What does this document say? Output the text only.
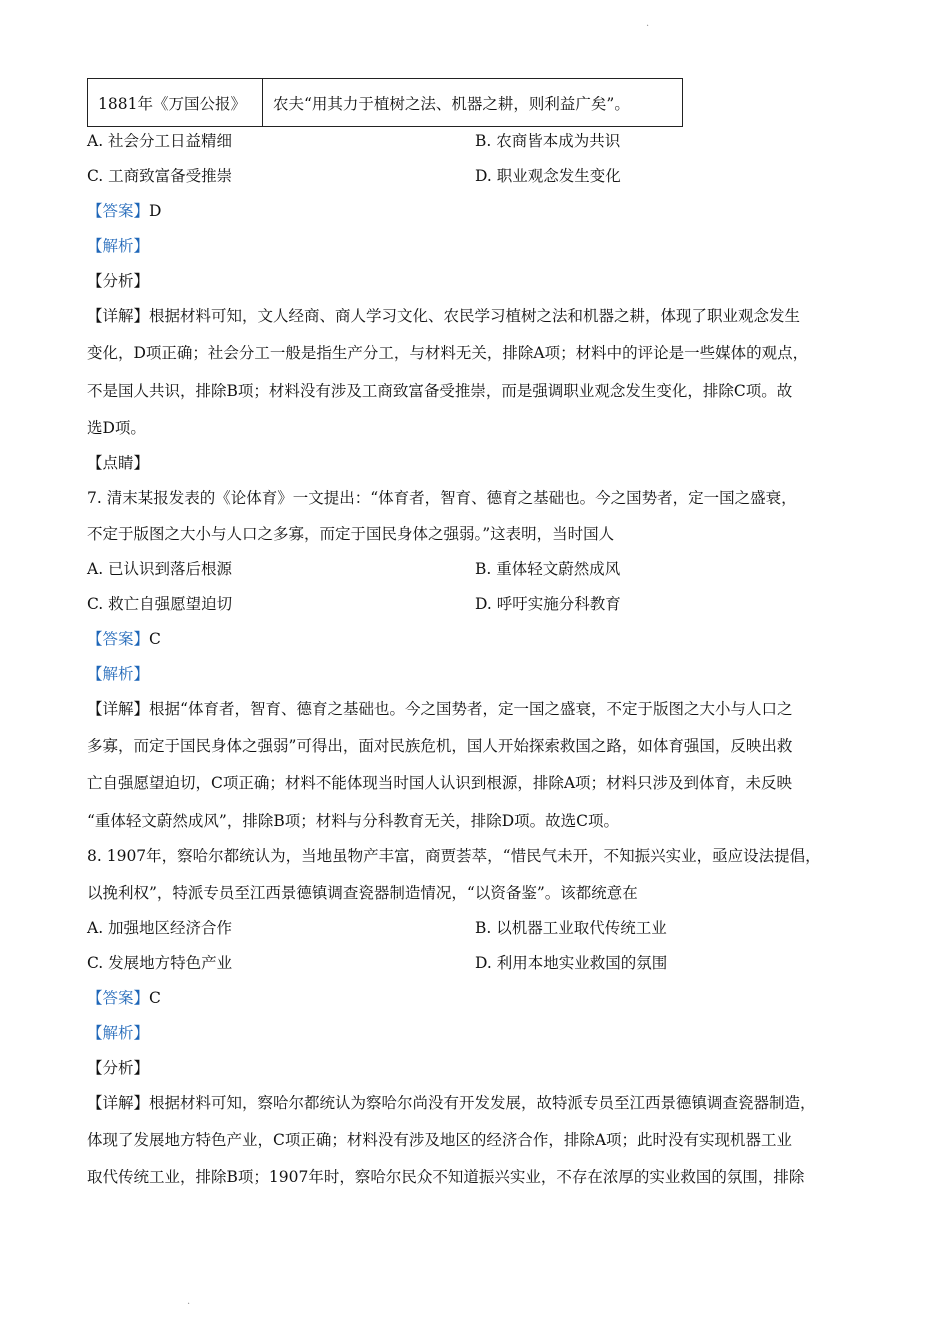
·
1881年《万国公报》	农夫“用其力于植树之法、机器之耕，则利益广矣”。
A. 社会分工日益精细	B. 农商皆本成为共识
C. 工商致富备受推崇	D. 职业观念发生变化
【答案】D
【解析】
【分析】
【详解】根据材料可知，文人经商、商人学习文化、农民学习植树之法和机器之耕，体现了职业观念发生
变化，D项正确；社会分工一般是指生产分工，与材料无关，排除A项；材料中的评论是一些媒体的观点，
不是国人共识，排除B项；材料没有涉及工商致富备受推崇，而是强调职业观念发生变化，排除C项。故
选D项。
【点睛】
7. 清末某报发表的《论体育》一文提出：“体育者，智育、德育之基础也。今之国势者，定一国之盛衰，
不定于版图之大小与人口之多寡，而定于国民身体之强弱。”这表明，当时国人
A. 已认识到落后根源	B. 重体轻文蔚然成风
C. 救亡自强愿望迫切	D. 呼吁实施分科教育
【答案】C
【解析】
【详解】根据“体育者，智育、德育之基础也。今之国势者，定一国之盛衰，不定于版图之大小与人口之
多寡，而定于国民身体之强弱”可得出，面对民族危机，国人开始探索救国之路，如体育强国，反映出救
亡自强愿望迫切，C项正确；材料不能体现当时国人认识到根源，排除A项；材料只涉及到体育，未反映
“重体轻文蔚然成风”，排除B项；材料与分科教育无关，排除D项。故选C项。
8. 1907年，察哈尔都统认为，当地虽物产丰富，商贾荟萃，“惜民气未开，不知振兴实业，亟应设法提倡，
以挽利权”，特派专员至江西景德镇调查瓷器制造情况，“以资备鉴”。该都统意在
A. 加强地区经济合作	B. 以机器工业取代传统工业
C. 发展地方特色产业	D. 利用本地实业救国的氛围
【答案】C
【解析】
【分析】
【详解】根据材料可知，察哈尔都统认为察哈尔尚没有开发发展，故特派专员至江西景德镇调查瓷器制造，
体现了发展地方特色产业，C项正确；材料没有涉及地区的经济合作，排除A项；此时没有实现机器工业
取代传统工业，排除B项；1907年时，察哈尔民众不知道振兴实业，不存在浓厚的实业救国的氛围，排除
·
